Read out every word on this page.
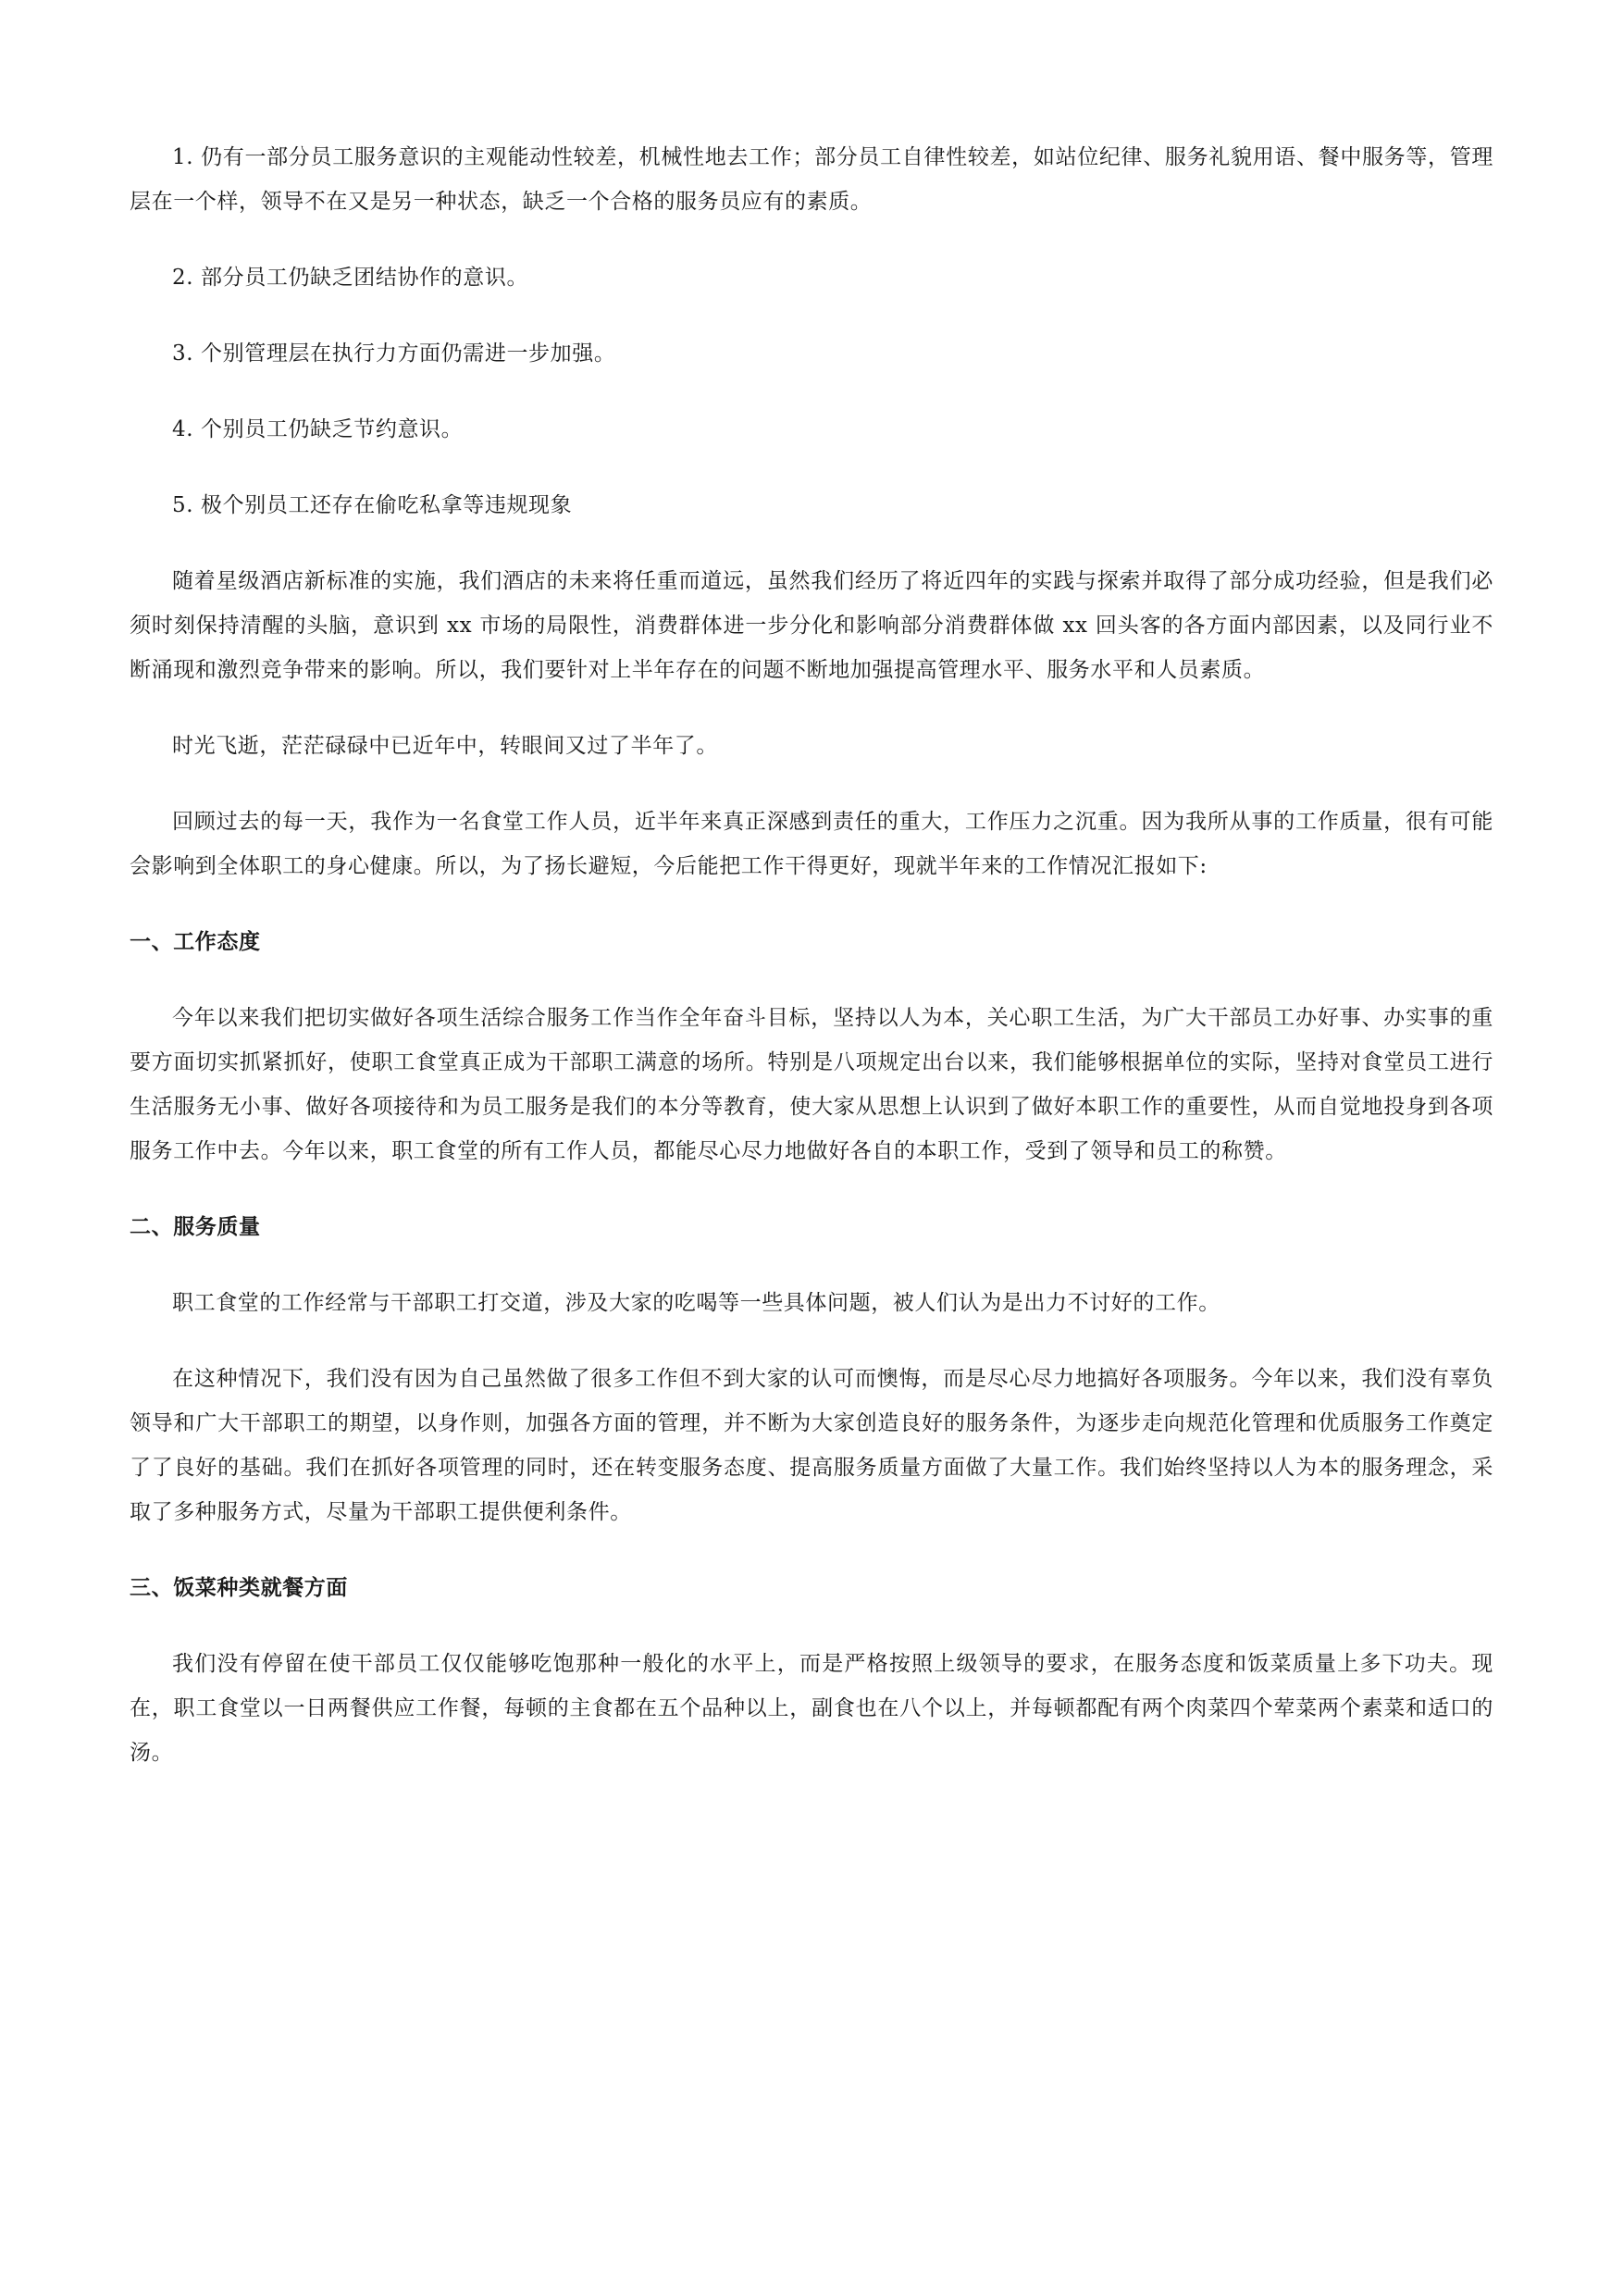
1. 仍有一部分员工服务意识的主观能动性较差，机械性地去工作；部分员工自律性较差，如站位纪律、服务礼貌用语、餐中服务等，管理层在一个样，领导不在又是另一种状态，缺乏一个合格的服务员应有的素质。

2. 部分员工仍缺乏团结协作的意识。

3. 个别管理层在执行力方面仍需进一步加强。

4. 个别员工仍缺乏节约意识。

5. 极个别员工还存在偷吃私拿等违规现象

随着星级酒店新标准的实施，我们酒店的未来将任重而道远，虽然我们经历了将近四年的实践与探索并取得了部分成功经验，但是我们必须时刻保持清醒的头脑，意识到 xx 市场的局限性，消费群体进一步分化和影响部分消费群体做 xx 回头客的各方面内部因素，以及同行业不断涌现和激烈竞争带来的影响。所以，我们要针对上半年存在的问题不断地加强提高管理水平、服务水平和人员素质。

时光飞逝，茫茫碌碌中已近年中，转眼间又过了半年了。

回顾过去的每一天，我作为一名食堂工作人员，近半年来真正深感到责任的重大，工作压力之沉重。因为我所从事的工作质量，很有可能会影响到全体职工的身心健康。所以，为了扬长避短，今后能把工作干得更好，现就半年来的工作情况汇报如下:

一、工作态度

今年以来我们把切实做好各项生活综合服务工作当作全年奋斗目标，坚持以人为本，关心职工生活，为广大干部员工办好事、办实事的重要方面切实抓紧抓好，使职工食堂真正成为干部职工满意的场所。特别是八项规定出台以来，我们能够根据单位的实际，坚持对食堂员工进行生活服务无小事、做好各项接待和为员工服务是我们的本分等教育，使大家从思想上认识到了做好本职工作的重要性，从而自觉地投身到各项服务工作中去。今年以来，职工食堂的所有工作人员，都能尽心尽力地做好各自的本职工作，受到了领导和员工的称赞。

二、服务质量

职工食堂的工作经常与干部职工打交道，涉及大家的吃喝等一些具体问题，被人们认为是出力不讨好的工作。

在这种情况下，我们没有因为自己虽然做了很多工作但不到大家的认可而懊悔，而是尽心尽力地搞好各项服务。今年以来，我们没有辜负领导和广大干部职工的期望，以身作则，加强各方面的管理，并不断为大家创造良好的服务条件，为逐步走向规范化管理和优质服务工作奠定了了良好的基础。我们在抓好各项管理的同时，还在转变服务态度、提高服务质量方面做了大量工作。我们始终坚持以人为本的服务理念，采取了多种服务方式，尽量为干部职工提供便利条件。

三、饭菜种类就餐方面

我们没有停留在使干部员工仅仅能够吃饱那种一般化的水平上，而是严格按照上级领导的要求，在服务态度和饭菜质量上多下功夫。现在，职工食堂以一日两餐供应工作餐，每顿的主食都在五个品种以上，副食也在八个以上，并每顿都配有两个肉菜四个荤菜两个素菜和适口的汤。
